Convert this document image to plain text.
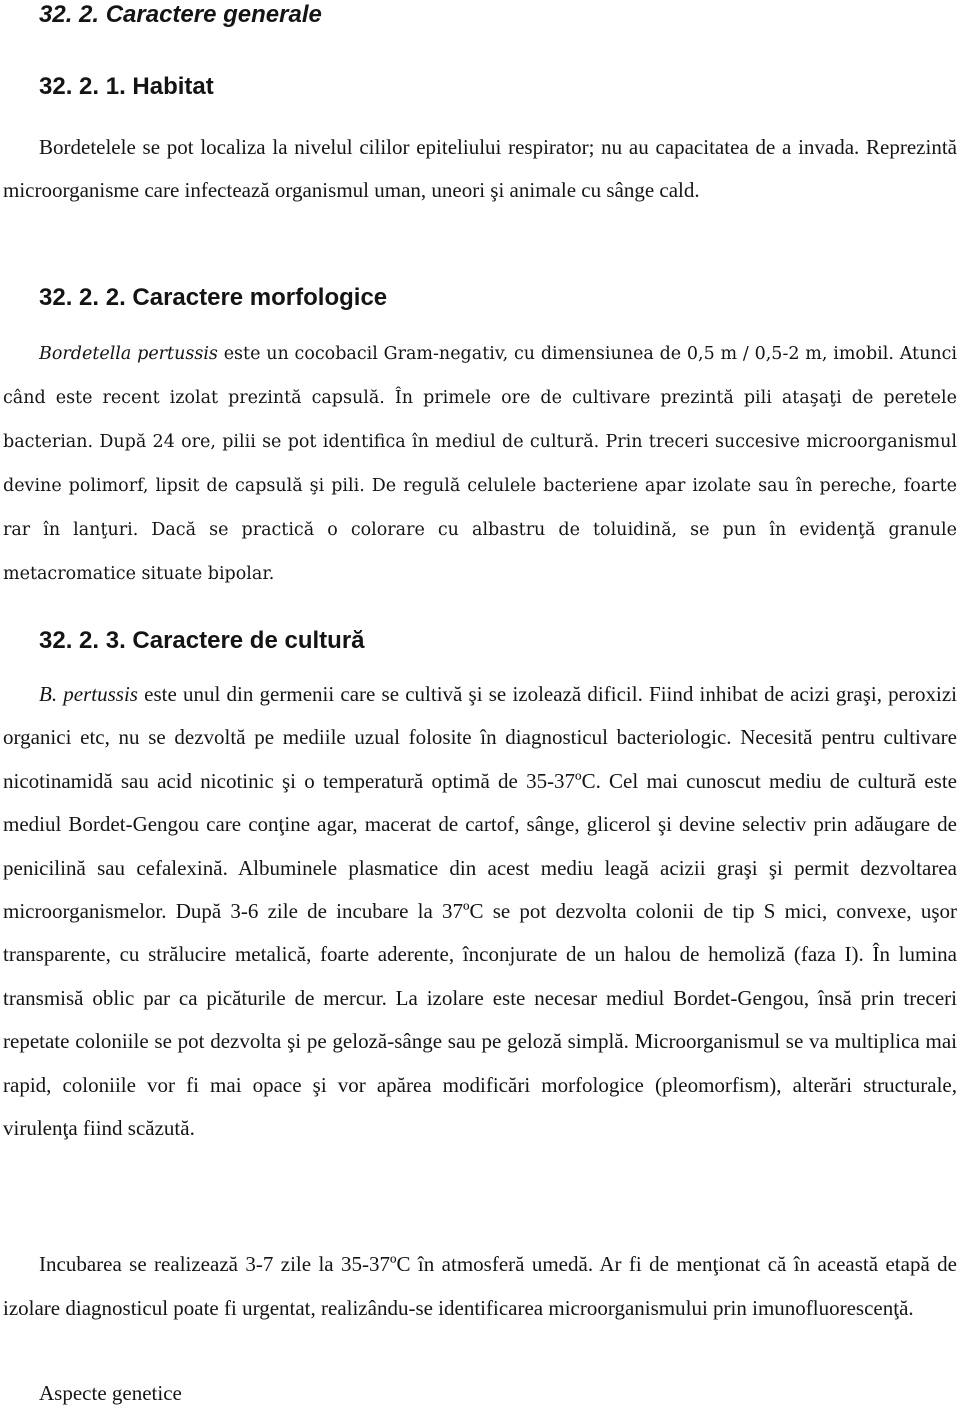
32. 2. Caractere generale
32. 2. 1. Habitat

Bordetelele se pot localiza la nivelul cililor epiteliului respirator; nu au capacitatea de a invada. Reprezintă microorganisme care infectează organismul uman, uneori şi animale cu sânge cald.

32. 2. 2. Caractere morfologice

Bordetella pertussis este un cocobacil Gram-negativ, cu dimensiunea de 0,5 m / 0,5-2 m, imobil. Atunci când este recent izolat prezintă capsulă. În primele ore de cultivare prezintă pili ataşaţi de peretele bacterian. După 24 ore, pilii se pot identifica în mediul de cultură. Prin treceri succesive microorganismul devine polimorf, lipsit de capsulă şi pili. De regulă celulele bacteriene apar izolate sau în pereche, foarte rar în lanţuri. Dacă se practică o colorare cu albastru de toluidină, se pun în evidenţă granule metacromatice situate bipolar.

32. 2. 3. Caractere de cultură

B. pertussis este unul din germenii care se cultivă şi se izolează dificil. Fiind inhibat de acizi graşi, peroxizi organici etc, nu se dezvoltă pe mediile uzual folosite în diagnosticul bacteriologic. Necesită pentru cultivare nicotinamidă sau acid nicotinic şi o temperatură optimă de 35-37ºC. Cel mai cunoscut mediu de cultură este mediul Bordet-Gengou care conţine agar, macerat de cartof, sânge, glicerol şi devine selectiv prin adăugare de penicilină sau cefalexină. Albuminele plasmatice din acest mediu leagă acizii graşi şi permit dezvoltarea microorganismelor. După 3-6 zile de incubare la 37ºC se pot dezvolta colonii de tip S mici, convexe, uşor transparente, cu strălucire metalică, foarte aderente, înconjurate de un halou de hemoliză (faza I). În lumina transmisă oblic par ca picăturile de mercur. La izolare este necesar mediul Bordet-Gengou, însă prin treceri repetate coloniile se pot dezvolta şi pe geloză-sânge sau pe geloză simplă. Microorganismul se va multiplica mai rapid, coloniile vor fi mai opace şi vor apărea modificări morfologice (pleomorfism), alterări structurale, virulenţa fiind scăzută.

Incubarea se realizează 3-7 zile la 35-37ºC în atmosferă umedă. Ar fi de menţionat că în această etapă de izolare diagnosticul poate fi urgentat, realizându-se identificarea microorganismului prin imunofluorescenţă.

Aspecte genetice
